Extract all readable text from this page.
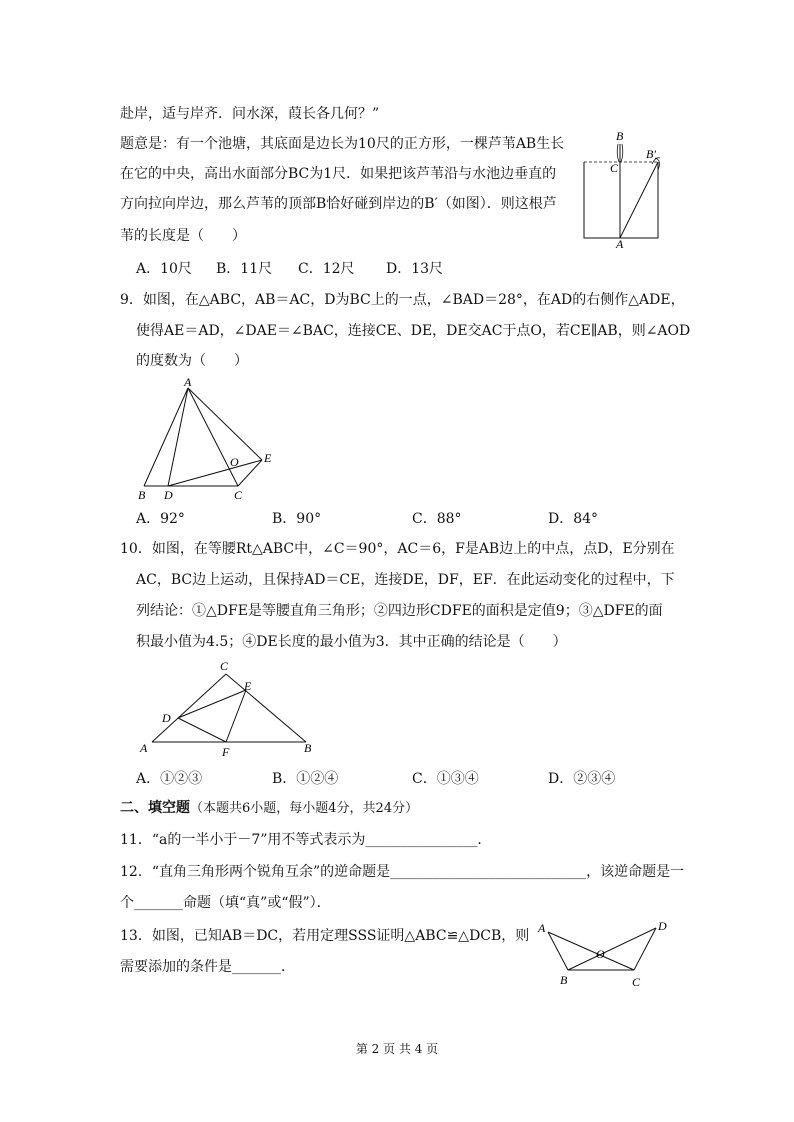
赴岸，适与岸齐．问水深，葭长各几何？”
题意是：有一个池塘，其底面是边长为10尺的正方形，一棵芦苇AB生长
在它的中央，高出水面部分BC为1尺．如果把该芦苇沿与水池边垂直的
方向拉向岸边，那么芦苇的顶部B恰好碰到岸边的B′（如图）．则这根芦
苇的长度是（　　）
A．10尺 B．11尺 C．12尺 D．13尺
B
C
B′
A
9．如图，在△ABC，AB＝AC，D为BC上的一点，∠BAD＝28°，在AD的右侧作△ADE，
使得AE＝AD，∠DAE＝∠BAC，连接CE、DE，DE交AC于点O，若CE∥AB，则∠AOD
的度数为（　　）
A
O E
B D	C
A．92°	B．90°	C．88°	D．84°
10．如图，在等腰Rt△ABC中，∠C＝90°，AC＝6，F是AB边上的中点，点D，E分别在
AC，BC边上运动，且保持AD＝CE，连接DE，DF，EF．在此运动变化的过程中，下
列结论：①△DFE是等腰直角三角形；②四边形CDFE的面积是定值9；③△DFE的面
积最小值为4.5；④DE长度的最小值为3．其中正确的结论是（　　）
C
E
D
A	F	B
A．①②③	B．①②④	C．①③④	D．②③④
二、填空题（本题共6小题，每小题4分，共24分）
11．“a的一半小于－7”用不等式表示为________________．
12．“直角三角形两个锐角互余”的逆命题是____________________________，该逆命题是一
个_______命题（填“真”或“假”）．
13．如图，已知AB＝DC，若用定理SSS证明△ABC≌△DCB，则
需要添加的条件是_______．
A	D
O
B	C
第 2 页 共 4 页
